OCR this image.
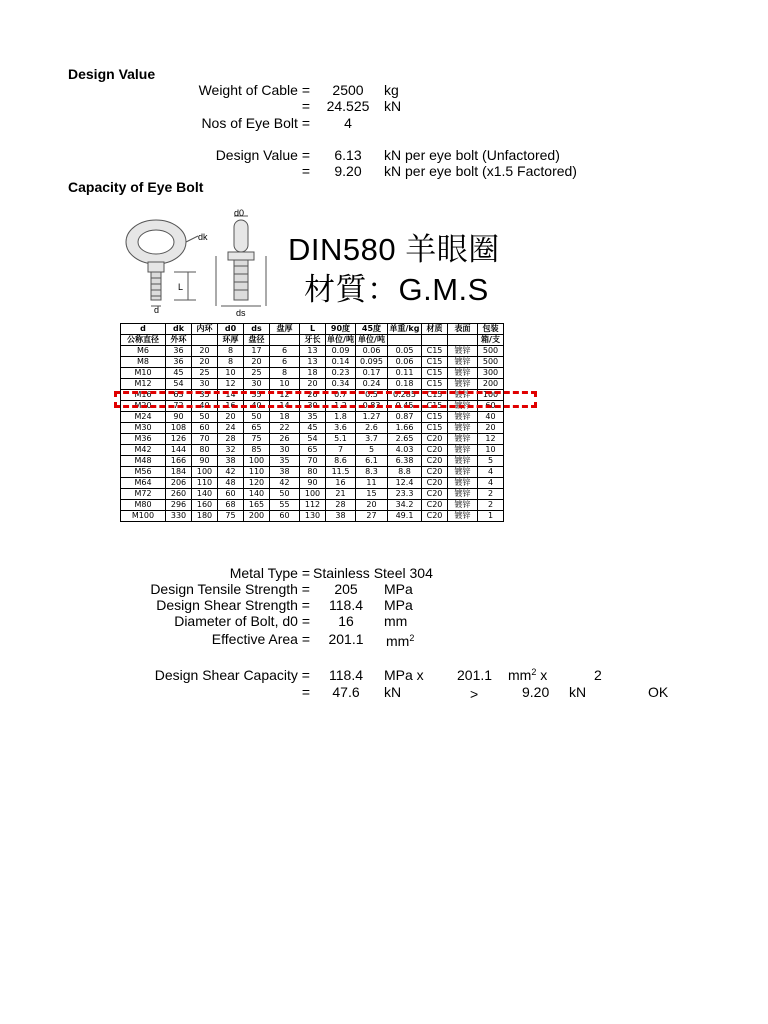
Design Value
Weight of Cable =	2500	kg
=	24.525	kN
Nos of Eye Bolt =	4
Design Value =	6.13	kN per eye bolt (Unfactored)
=	9.20	kN per eye bolt (x1.5 Factored)
Capacity of Eye Bolt
d0
dk
L
d	ds
DIN580 羊眼圈
材質：G.M.S
d	dk	内环	d0	ds	盘厚	L	90度	45度	单重/kg	材质	表面	包装
公称直径	外环		环厚	盘径		牙长	单位/吨	单位/吨				箱/支
M6	36	20	8	17	6	13	0.09	0.06	0.05	C15	镀锌	500
M8	36	20	8	20	6	13	0.14	0.095	0.06	C15	镀锌	500
M10	45	25	10	25	8	18	0.23	0.17	0.11	C15	镀锌	300
M12	54	30	12	30	10	20	0.34	0.24	0.18	C15	镀锌	200
M16	63	35	14	35	12	26	0.7	0.5	0.285	C15	镀锌	100
M20	72	40	16	40	14	30	1.2	0.83	0.45	C15	镀锌	60
M24	90	50	20	50	18	35	1.8	1.27	0.87	C15	镀锌	40
M30	108	60	24	65	22	45	3.6	2.6	1.66	C15	镀锌	20
M36	126	70	28	75	26	54	5.1	3.7	2.65	C20	镀锌	12
M42	144	80	32	85	30	65	7	5	4.03	C20	镀锌	10
M48	166	90	38	100	35	70	8.6	6.1	6.38	C20	镀锌	5
M56	184	100	42	110	38	80	11.5	8.3	8.8	C20	镀锌	4
M64	206	110	48	120	42	90	16	11	12.4	C20	镀锌	4
M72	260	140	60	140	50	100	21	15	23.3	C20	镀锌	2
M80	296	160	68	165	55	112	28	20	34.2	C20	镀锌	2
M100	330	180	75	200	60	130	38	27	49.1	C20	镀锌	1
Metal Type = Stainless Steel 304
Design Tensile Strength =	205	MPa
Design Shear Strength =	118.4	MPa
Diameter of Bolt, d0 =	16	mm
Effective Area =	201.1	$mm^2$
Design Shear Capacity =	118.4	MPa x 201.1 $mm^2$ x	2
=	47.6	kN	>	9.20 kN	OK
